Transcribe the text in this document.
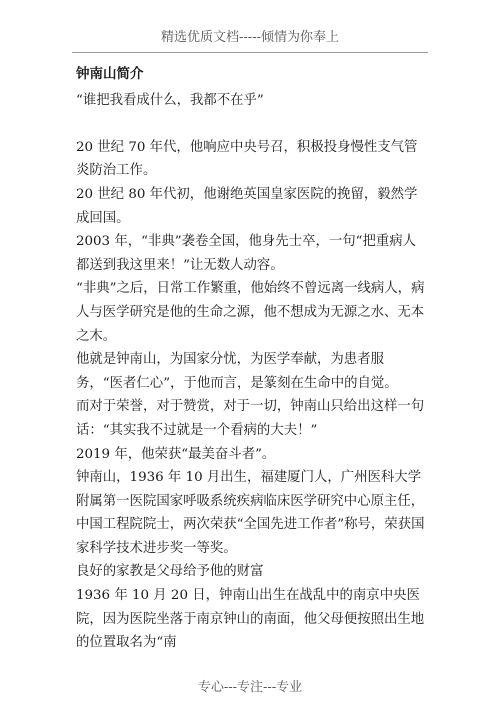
精选优质文档-----倾情为你奉上

钟南山简介

“谁把我看成什么，我都不在乎”

20 世纪 70 年代，他响应中央号召，积极投身慢性支气管炎防治工作。

20 世纪 80 年代初，他谢绝英国皇家医院的挽留，毅然学成回国。

2003 年，“非典”袭卷全国，他身先士卒，一句“把重病人都送到我这里来！”让无数人动容。

“非典”之后，日常工作繁重，他始终不曾远离一线病人，病人与医学研究是他的生命之源，他不想成为无源之水、无本之木。

他就是钟南山，为国家分忧，为医学奉献，为患者服务，“医者仁心”，于他而言，是篆刻在生命中的自觉。

而对于荣誉，对于赞赏，对于一切，钟南山只给出这样一句话：“其实我不过就是一个看病的大夫！”

2019 年，他荣获“最美奋斗者”。

钟南山，1936 年 10 月出生，福建厦门人，广州医科大学附属第一医院国家呼吸系统疾病临床医学研究中心原主任，中国工程院院士，两次荣获“全国先进工作者”称号，荣获国家科学技术进步奖一等奖。

良好的家教是父母给予他的财富

1936 年 10 月 20 日，钟南山出生在战乱中的南京中央医院，因为医院坐落于南京钟山的南面，他父母便按照出生地的位置取名为“南

专心---专注---专业
